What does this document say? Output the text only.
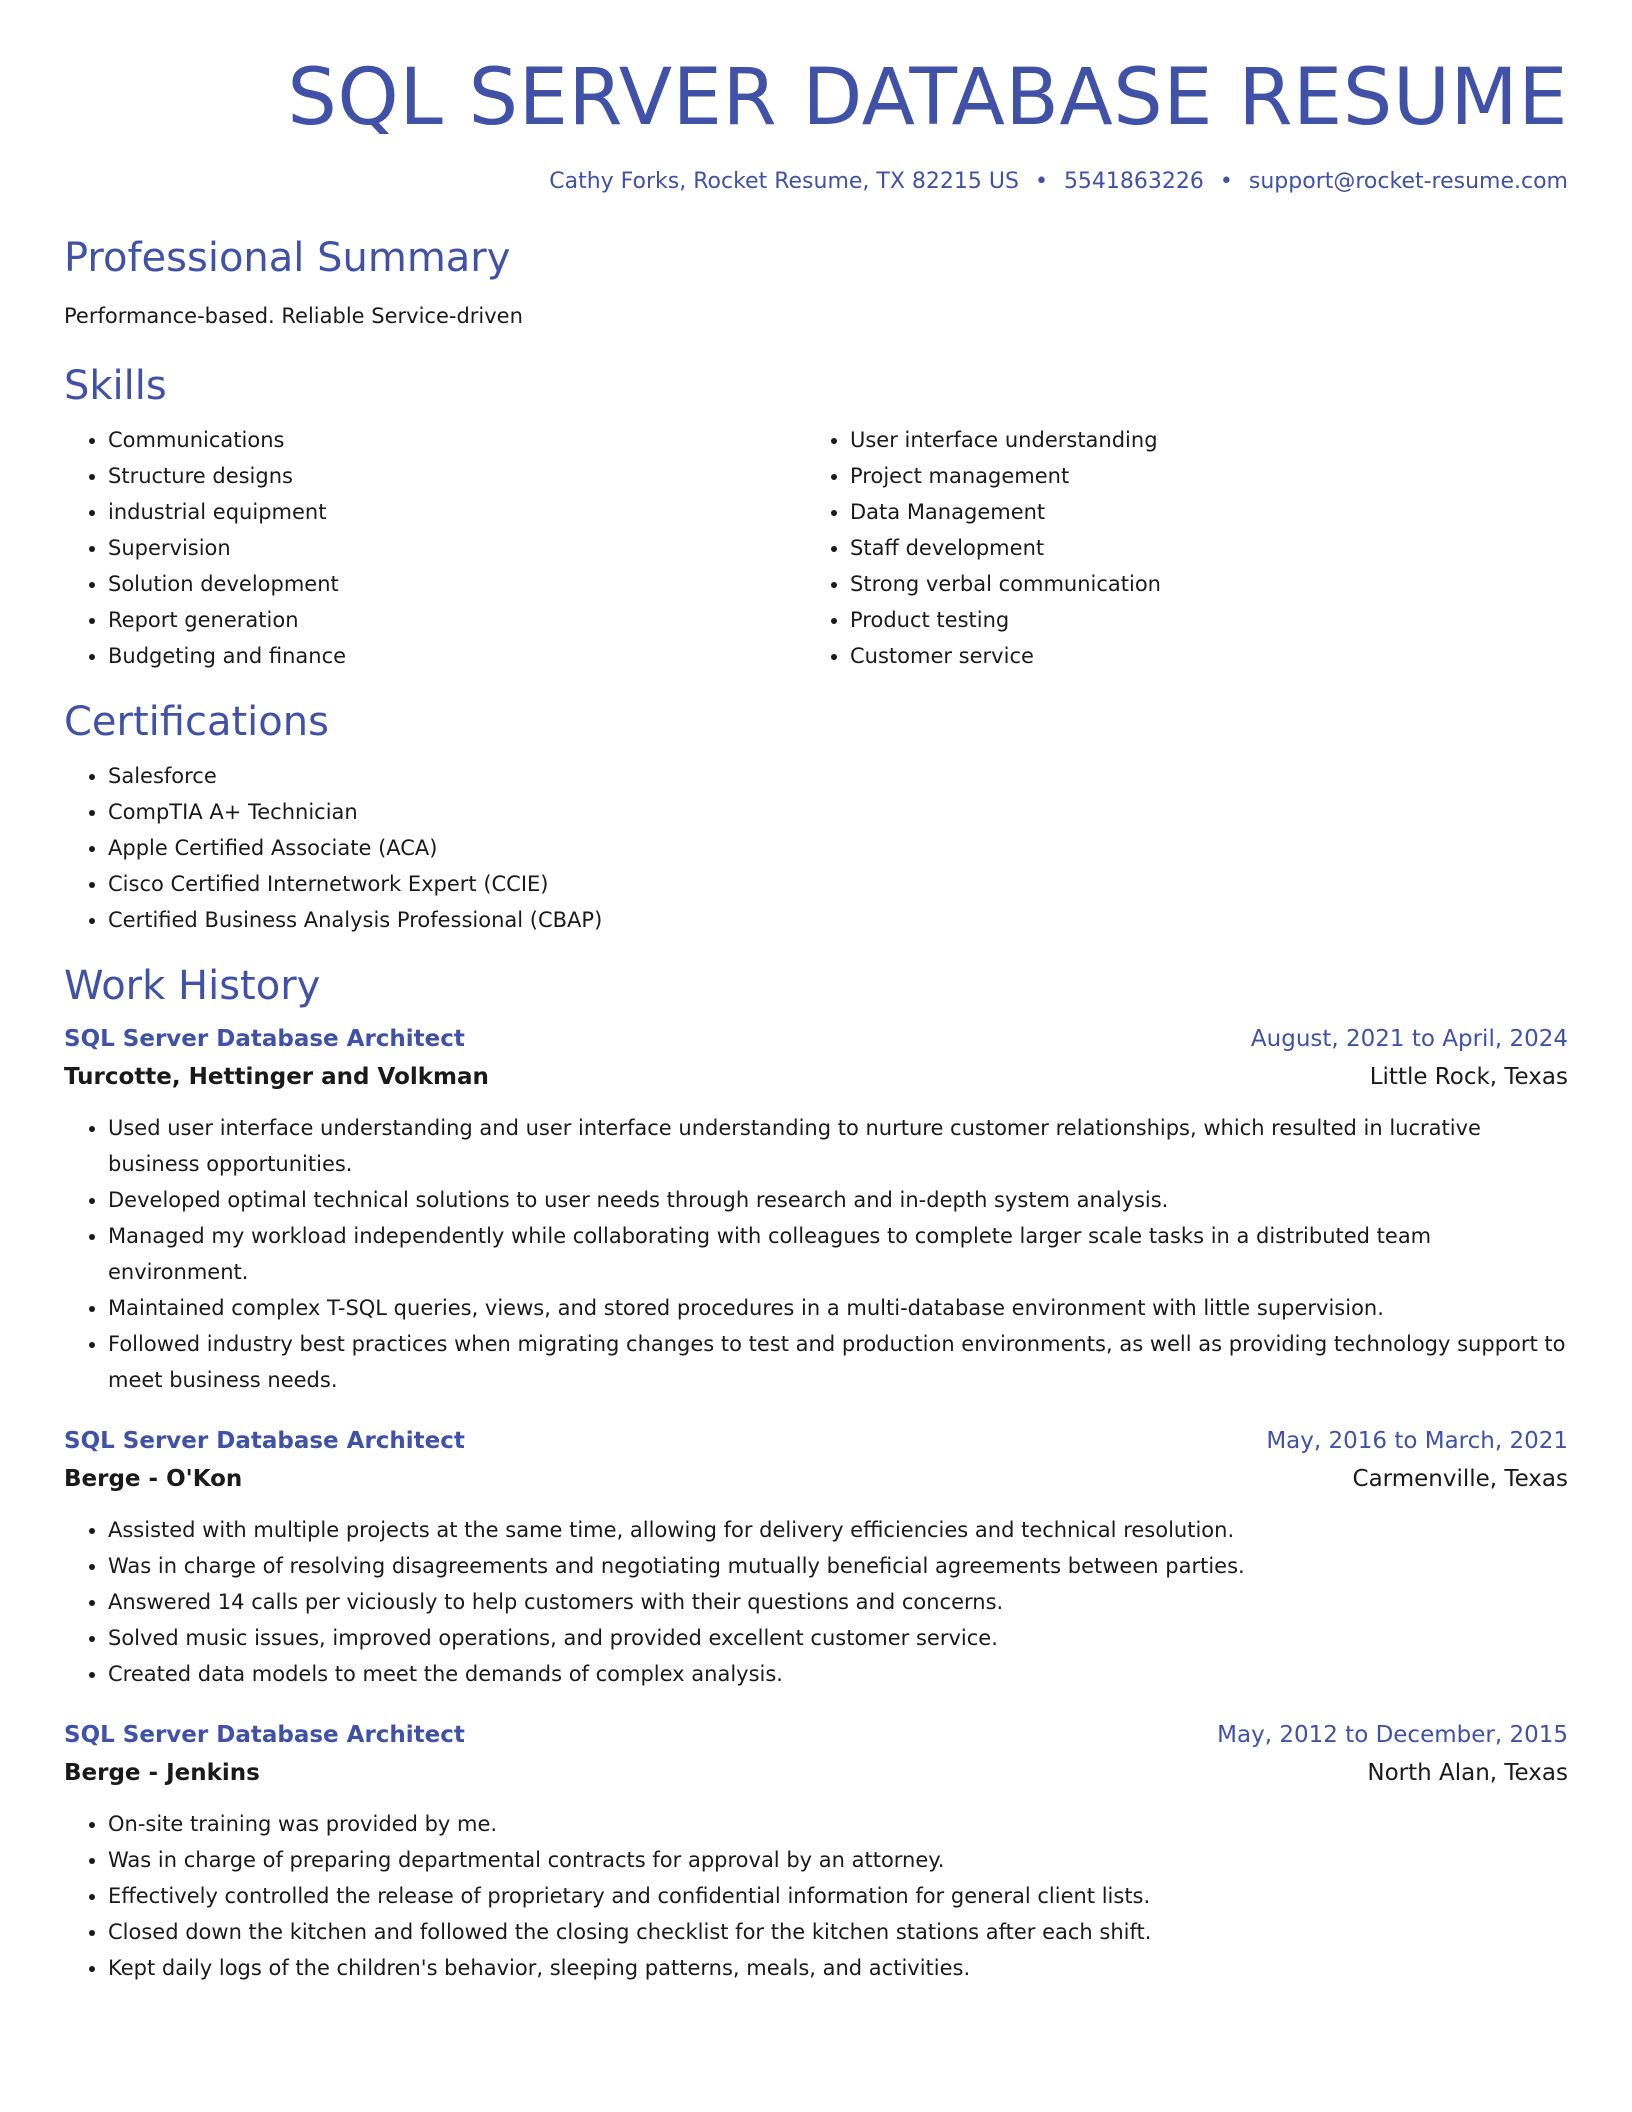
SQL SERVER DATABASE RESUME
Cathy Forks, Rocket Resume, TX 82215 US • 5541863226 • support@rocket-resume.com
Professional Summary

Performance-based. Reliable Service-driven

Skills
• Communications
• Structure designs
• industrial equipment
• Supervision
• Solution development
• Report generation
• Budgeting and finance
• User interface understanding
• Project management
• Data Management
• Staff development
• Strong verbal communication
• Product testing
• Customer service
Certifications
• Salesforce
• CompTIA A+ Technician
• Apple Certified Associate (ACA)
• Cisco Certified Internetwork Expert (CCIE)
• Certified Business Analysis Professional (CBAP)
Work History
SQL Server Database Architect	August, 2021 to April, 2024
Turcotte, Hettinger and Volkman	Little Rock, Texas
• Used user interface understanding and user interface understanding to nurture customer relationships, which resulted in lucrative business opportunities.
• Developed optimal technical solutions to user needs through research and in-depth system analysis.
• Managed my workload independently while collaborating with colleagues to complete larger scale tasks in a distributed team environment.
• Maintained complex T-SQL queries, views, and stored procedures in a multi-database environment with little supervision.
• Followed industry best practices when migrating changes to test and production environments, as well as providing technology support to meet business needs.
SQL Server Database Architect	May, 2016 to March, 2021
Berge - O'Kon	Carmenville, Texas
• Assisted with multiple projects at the same time, allowing for delivery efficiencies and technical resolution.
• Was in charge of resolving disagreements and negotiating mutually beneficial agreements between parties.
• Answered 14 calls per viciously to help customers with their questions and concerns.
• Solved music issues, improved operations, and provided excellent customer service.
• Created data models to meet the demands of complex analysis.
SQL Server Database Architect	May, 2012 to December, 2015
Berge - Jenkins	North Alan, Texas
• On-site training was provided by me.
• Was in charge of preparing departmental contracts for approval by an attorney.
• Effectively controlled the release of proprietary and confidential information for general client lists.
• Closed down the kitchen and followed the closing checklist for the kitchen stations after each shift.
• Kept daily logs of the children's behavior, sleeping patterns, meals, and activities.
